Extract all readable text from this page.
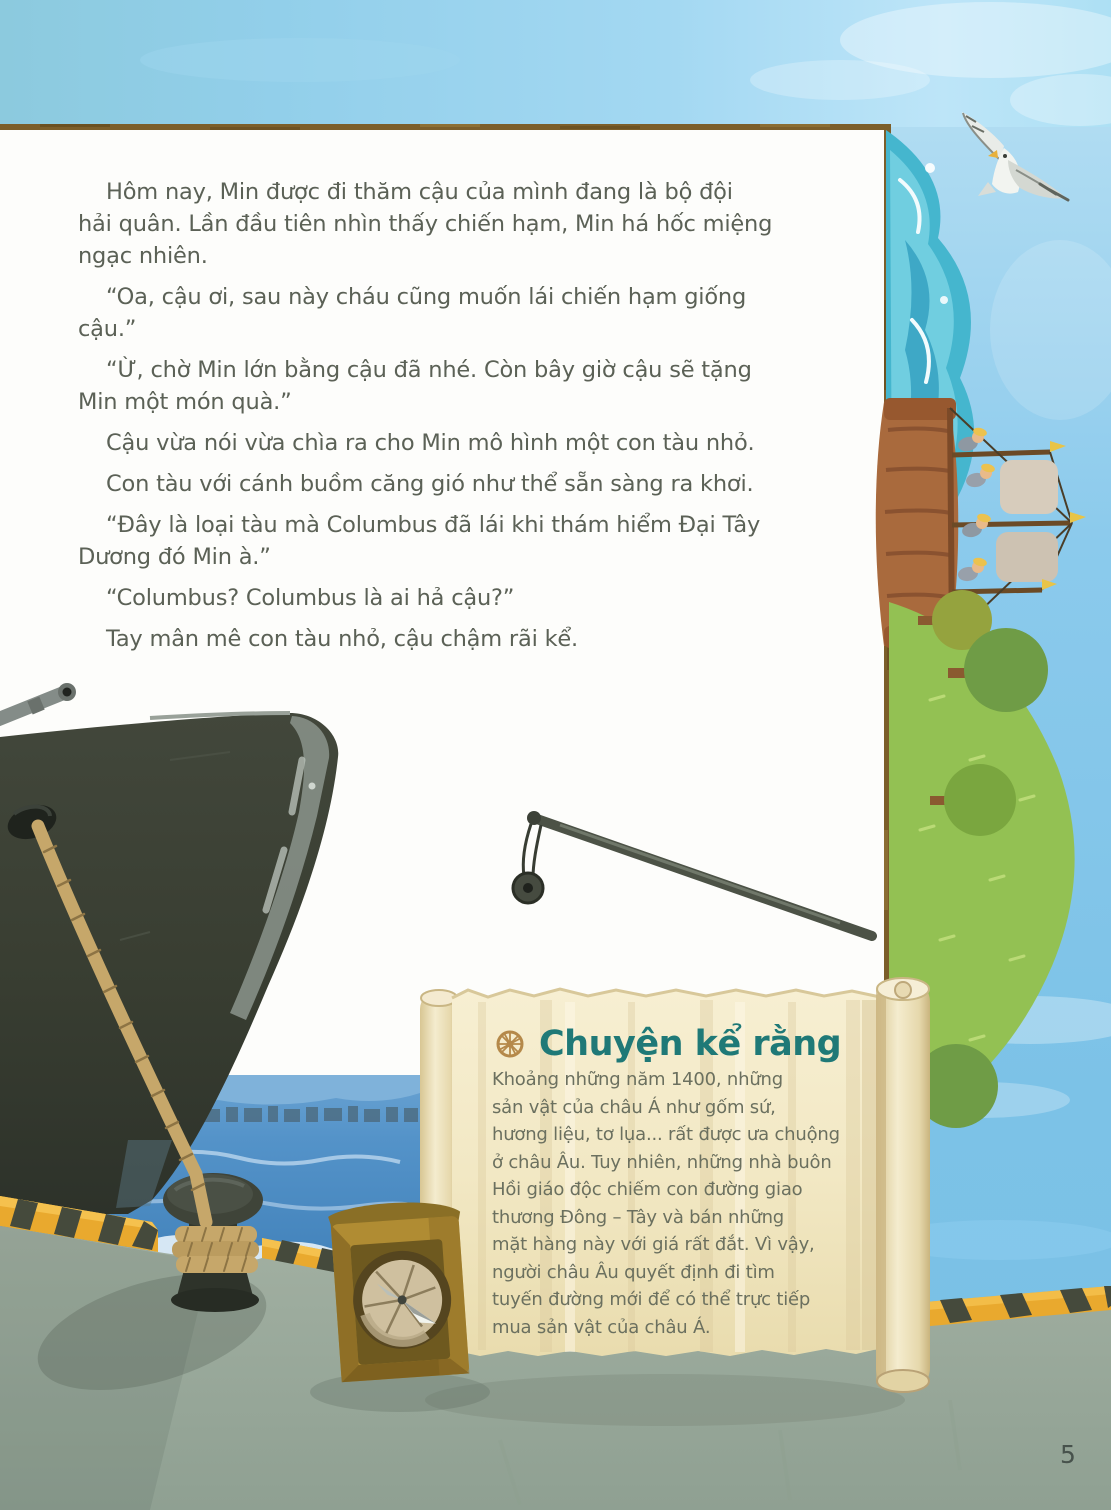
Hôm nay, Min được đi thăm cậu của mình đang là bộ đội
hải quân. Lần đầu tiên nhìn thấy chiến hạm, Min há hốc miệng
ngạc nhiên.
“Oa, cậu ơi, sau này cháu cũng muốn lái chiến hạm giống
cậu.”
“Ừ, chờ Min lớn bằng cậu đã nhé. Còn bây giờ cậu sẽ tặng
Min một món quà.”
Cậu vừa nói vừa chìa ra cho Min mô hình một con tàu nhỏ.
Con tàu với cánh buồm căng gió như thể sẵn sàng ra khơi.
“Đây là loại tàu mà Columbus đã lái khi thám hiểm Đại Tây
Dương đó Min à.”
“Columbus? Columbus là ai hả cậu?”
Tay mân mê con tàu nhỏ, cậu chậm rãi kể.
Chuyện kể rằng
Khoảng những năm 1400, những
sản vật của châu Á như gốm sứ,
hương liệu, tơ lụa... rất được ưa chuộng
ở châu Âu. Tuy nhiên, những nhà buôn
Hồi giáo độc chiếm con đường giao
thương Đông – Tây và bán những
mặt hàng này với giá rất đắt. Vì vậy,
người châu Âu quyết định đi tìm
tuyến đường mới để có thể trực tiếp
mua sản vật của châu Á.
5
